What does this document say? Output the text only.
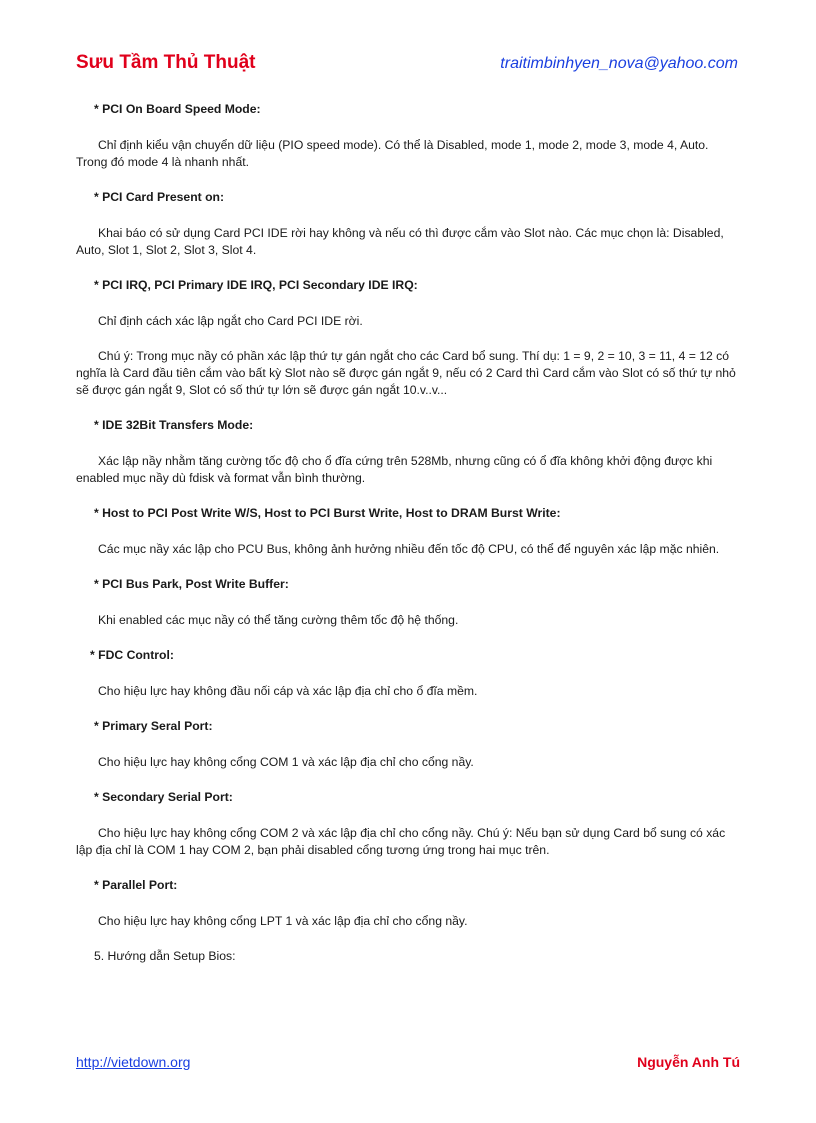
Sưu Tầm Thủ Thuật	traitimbinhyen_nova@yahoo.com
* PCI On Board Speed Mode:
Chỉ định kiểu vận chuyển dữ liệu (PIO speed mode). Có thể là Disabled, mode 1, mode 2, mode 3, mode 4, Auto. Trong đó mode 4 là nhanh nhất.
* PCI Card Present on:
Khai báo có sử dụng Card PCI IDE rời hay không và nếu có thì được cắm vào Slot nào. Các mục chọn là: Disabled, Auto, Slot 1, Slot 2, Slot 3, Slot 4.
* PCI IRQ, PCI Primary IDE IRQ, PCI Secondary IDE IRQ:
Chỉ định cách xác lập ngắt cho Card PCI IDE rời.
Chú ý: Trong mục nầy có phần xác lập thứ tự gán ngắt cho các Card bổ sung. Thí dụ: 1 = 9, 2 = 10, 3 = 11, 4 = 12 có nghĩa là Card đầu tiên cắm vào bất kỳ Slot nào sẽ được gán ngắt 9, nếu có 2 Card thì Card cắm vào Slot có số thứ tự nhỏ sẽ được gán ngắt 9, Slot có số thứ tự lớn sẽ được gán ngắt 10.v..v...
* IDE 32Bit Transfers Mode:
Xác lập nầy nhằm tăng cường tốc độ cho ổ đĩa cứng trên 528Mb, nhưng cũng có ổ đĩa không khởi động được khi enabled mục nầy dù fdisk và format vẫn bình thường.
* Host to PCI Post Write W/S, Host to PCI Burst Write, Host to DRAM Burst Write:
Các mục nầy xác lập cho PCU Bus, không ảnh hưởng nhiều đến tốc độ CPU, có thể để nguyên xác lập mặc nhiên.
* PCI Bus Park, Post Write Buffer:
Khi enabled các mục nầy có thể tăng cường thêm tốc độ hệ thống.
* FDC Control:
Cho hiệu lực hay không đầu nối cáp và xác lập địa chỉ cho ổ đĩa mềm.
* Primary Seral Port:
Cho hiệu lực hay không cổng COM 1 và xác lập địa chỉ cho cổng nầy.
* Secondary Serial Port:
Cho hiệu lực hay không cổng COM 2 và xác lập địa chỉ cho cổng nầy. Chú ý: Nếu bạn sử dụng Card bổ sung có xác lập địa chỉ là COM 1 hay COM 2, bạn phải disabled cổng tương ứng trong hai mục trên.
* Parallel Port:
Cho hiệu lực hay không cổng LPT 1 và xác lập địa chỉ cho cổng nầy.
5. Hướng dẫn Setup Bios:
http://vietdown.org	Nguyễn Anh Tú
